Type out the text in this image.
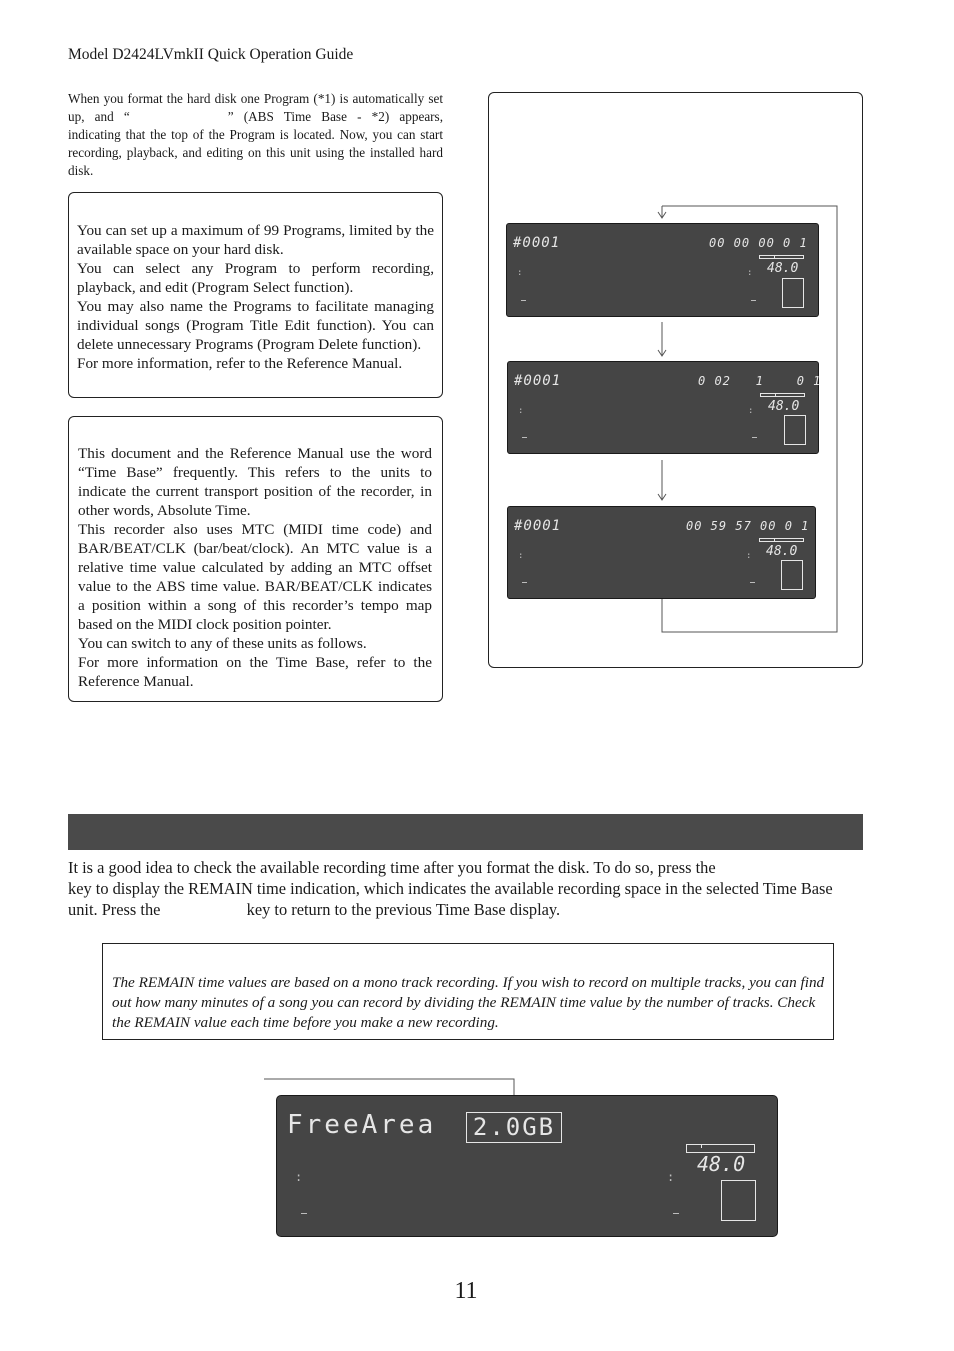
Model D2424LVmkII Quick Operation Guide
When you format the hard disk one Program (*1) is automatically set up, and “	” (ABS Time Base - *2) appears, indicating that the top of the Program is located. Now, you can start recording, playback, and editing on this unit using the installed hard disk.

You can set up a maximum of 99 Programs, limited by the available space on your hard disk.

You can select any Program to perform recording, playback, and edit (Program Select function).

You may also name the Programs to facilitate managing individual songs (Program Title Edit function). You can delete unnecessary Programs (Program Delete function).

For more information, refer to the Reference Manual.

This document and the Reference Manual use the word “Time Base” frequently. This refers to the units to indicate the current transport position of the recorder, in other words, Absolute Time.

This recorder also uses MTC (MIDI time code) and BAR/BEAT/CLK (bar/beat/clock). An MTC value is a relative time value calculated by adding an MTC offset value to the ABS time value. BAR/BEAT/CLK indicates a position within a song of this recorder’s tempo map based on the MIDI clock position pointer.

You can switch to any of these units as follows.

For more information on the Time Base, refer to the Reference Manual.

#0001	00 00 00 0 1
48.0
:	:
#0001	0 02   1    0 1
48.0
:	:
#0001	00 59 57 00 0 1
48.0
:	:
It is a good idea to check the available recording time after you format the disk. To do so, press the
key to display the REMAIN time indication, which indicates the available recording space in the selected Time Base unit. Press the	key to return to the previous Time Base display.

The REMAIN time values are based on a mono track recording. If you wish to record on multiple tracks, you can find out how many minutes of a song you can record by dividing the REMAIN time value by the number of tracks. Check the REMAIN value each time before you make a new recording.

FreeArea 2.0GB
48.0
:	:
11
